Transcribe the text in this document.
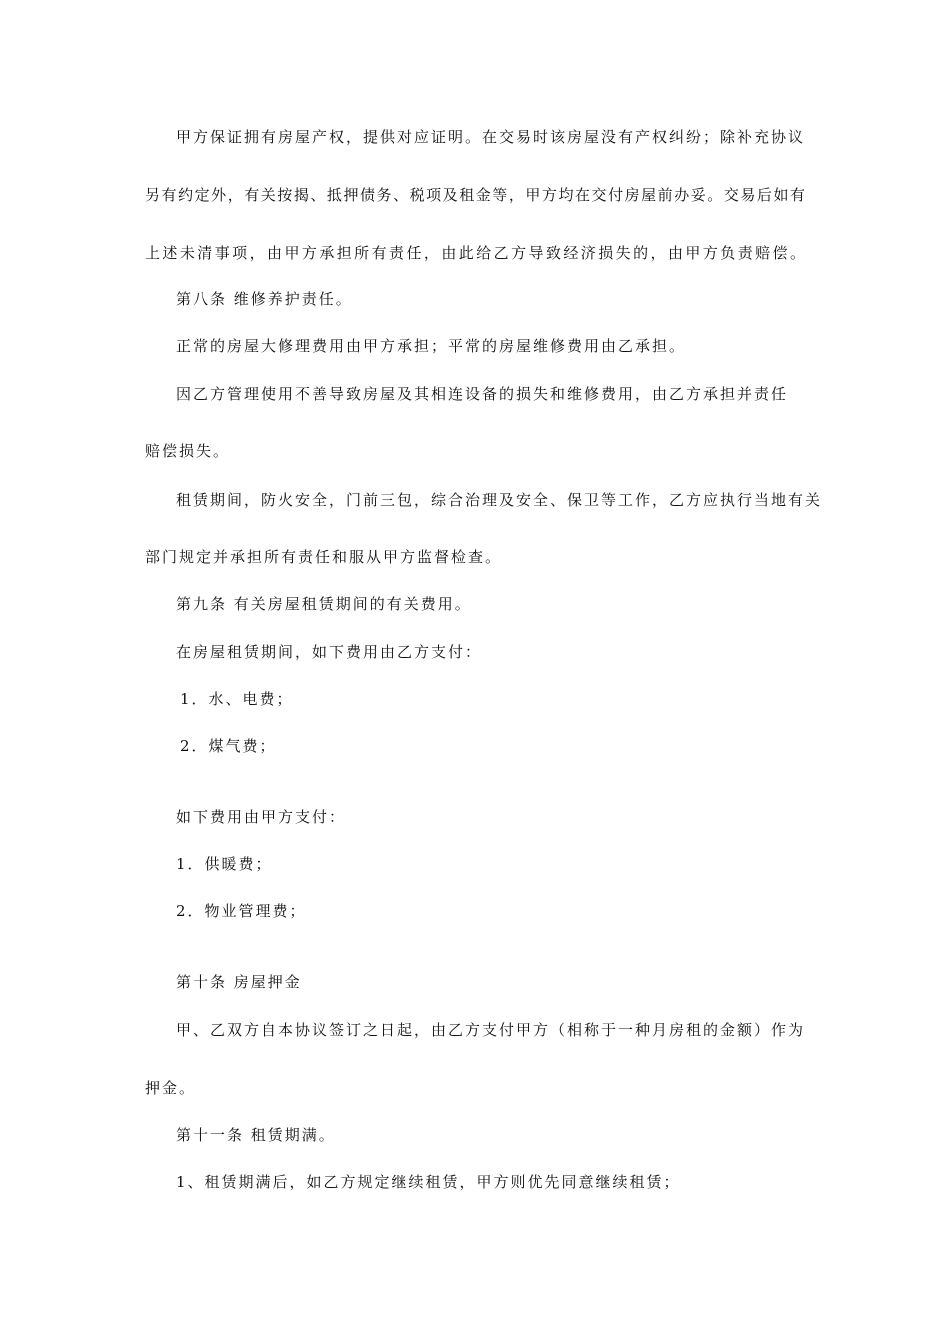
甲方保证拥有房屋产权，提供对应证明。在交易时该房屋没有产权纠纷；除补充协议

另有约定外，有关按揭、抵押债务、税项及租金等，甲方均在交付房屋前办妥。交易后如有

上述未清事项，由甲方承担所有责任，由此给乙方导致经济损失的，由甲方负责赔偿。

第八条 维修养护责任。

正常的房屋大修理费用由甲方承担；平常的房屋维修费用由乙承担。

因乙方管理使用不善导致房屋及其相连设备的损失和维修费用，由乙方承担并责任

赔偿损失。

租赁期间，防火安全，门前三包，综合治理及安全、保卫等工作，乙方应执行当地有关

部门规定并承担所有责任和服从甲方监督检查。

第九条 有关房屋租赁期间的有关费用。

在房屋租赁期间，如下费用由乙方支付：

1．水、电费；

2．煤气费；

如下费用由甲方支付：

1．供暖费；

2．物业管理费；

第十条 房屋押金

甲、乙双方自本协议签订之日起，由乙方支付甲方（相称于一种月房租的金额）作为

押金。

第十一条 租赁期满。

1、租赁期满后，如乙方规定继续租赁，甲方则优先同意继续租赁；
